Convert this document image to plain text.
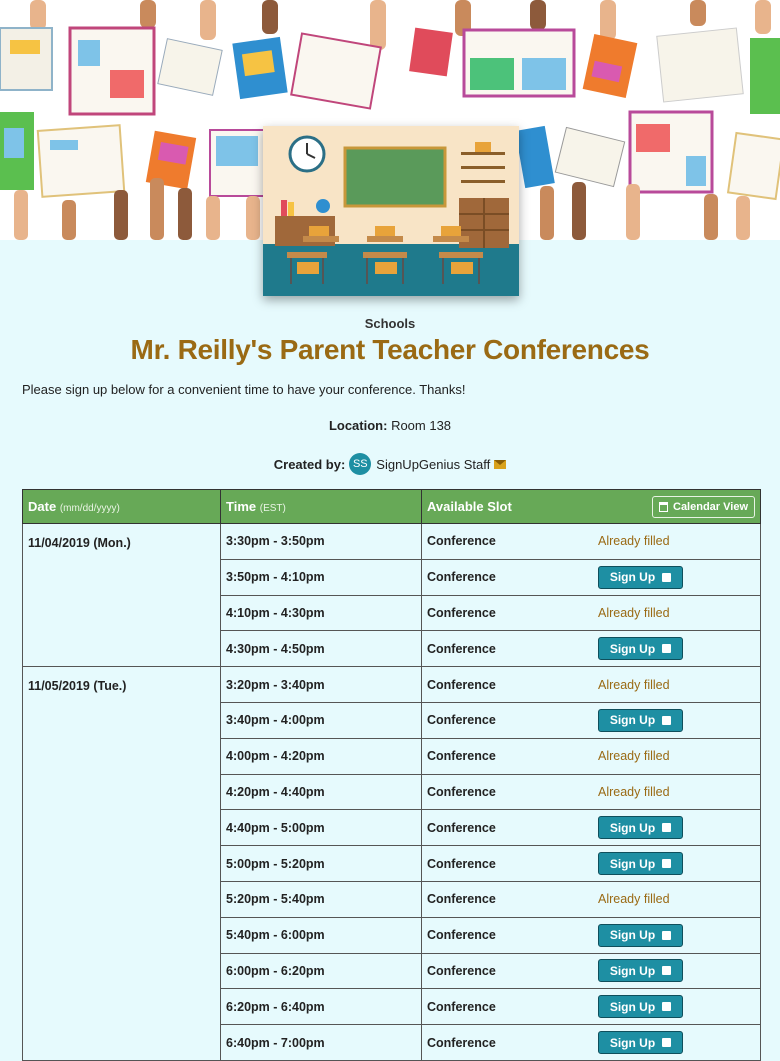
Schools
Mr. Reilly's Parent Teacher Conferences
Please sign up below for a convenient time to have your conference. Thanks!
Location: Room 138
Created by: SS SignUpGenius Staff
Date (mm/dd/yyyy)	Time (EST)	Available Slot Calendar View

11/04/2019 (Mon.)	3:30pm - 3:50pm	Conference Already filled

	3:50pm - 4:10pm	Conference Sign Up

	4:10pm - 4:30pm	Conference Already filled

	4:30pm - 4:50pm	Conference Sign Up

11/05/2019 (Tue.)	3:20pm - 3:40pm	Conference Already filled

	3:40pm - 4:00pm	Conference Sign Up

	4:00pm - 4:20pm	Conference Already filled

	4:20pm - 4:40pm	Conference Already filled

	4:40pm - 5:00pm	Conference Sign Up

	5:00pm - 5:20pm	Conference Sign Up

	5:20pm - 5:40pm	Conference Already filled

	5:40pm - 6:00pm	Conference Sign Up

	6:00pm - 6:20pm	Conference Sign Up

	6:20pm - 6:40pm	Conference Sign Up

	6:40pm - 7:00pm	Conference Sign Up
